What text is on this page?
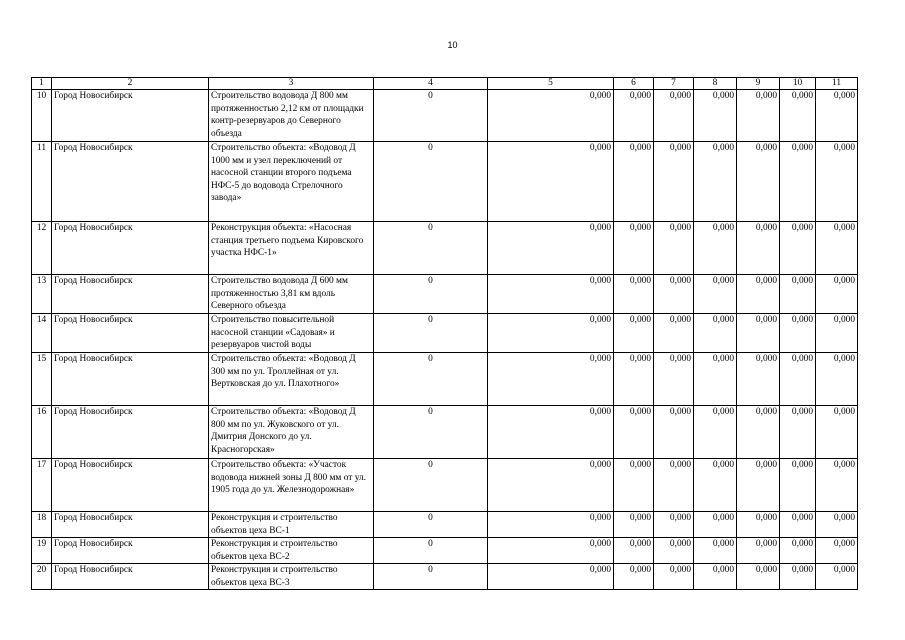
10
1	2	3	4	5	6	7	8	9	10	11
10	Город Новосибирск	Строительство водовода Д 800 мм протяженностью 2,12 км от площадки контр-резервуаров до Северного объезда	0	0,000	0,000	0,000	0,000	0,000	0,000	0,000
11	Город Новосибирск	Строительство объекта: «Водовод Д 1000 мм и узел переключений от насосной станции второго подъема НФС-5 до водовода Стрелочного завода»	0	0,000	0,000	0,000	0,000	0,000	0,000	0,000
12	Город Новосибирск	Реконструкция объекта: «Насосная станция третьего подъема Кировского участка НФС-1»	0	0,000	0,000	0,000	0,000	0,000	0,000	0,000
13	Город Новосибирск	Строительство водовода Д 600 мм протяженностью 3,81 км вдоль Северного объезда	0	0,000	0,000	0,000	0,000	0,000	0,000	0,000
14	Город Новосибирск	Строительство повысительной насосной станции «Садовая» и резервуаров чистой воды	0	0,000	0,000	0,000	0,000	0,000	0,000	0,000
15	Город Новосибирск	Строительство объекта: «Водовод Д 300 мм по ул. Троллейная от ул. Вертковская до ул. Плахотного»	0	0,000	0,000	0,000	0,000	0,000	0,000	0,000
16	Город Новосибирск	Строительство объекта: «Водовод Д 800 мм по ул. Жуковского от ул. Дмитрия Донского до ул. Красногорская»	0	0,000	0,000	0,000	0,000	0,000	0,000	0,000
17	Город Новосибирск	Строительство объекта: «Участок водовода нижней зоны Д 800 мм от ул. 1905 года до ул. Железнодорожная»	0	0,000	0,000	0,000	0,000	0,000	0,000	0,000
18	Город Новосибирск	Реконструкция и строительство объектов цеха ВС-1	0	0,000	0,000	0,000	0,000	0,000	0,000	0,000
19	Город Новосибирск	Реконструкция и строительство объектов цеха ВС-2	0	0,000	0,000	0,000	0,000	0,000	0,000	0,000
20	Город Новосибирск	Реконструкция и строительство объектов цеха ВС-3	0	0,000	0,000	0,000	0,000	0,000	0,000	0,000
